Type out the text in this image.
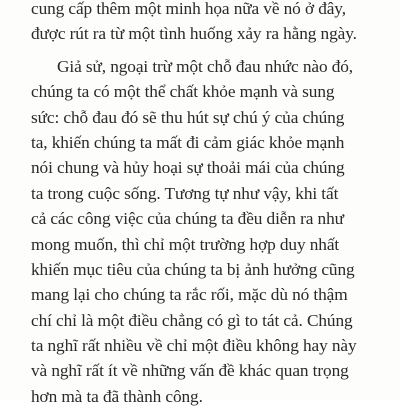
cung cấp thêm một minh họa nữa về nó ở đây,
được rút ra từ một tình huống xảy ra hằng ngày.
Giả sử, ngoại trừ một chỗ đau nhức nào đó,
chúng ta có một thể chất khỏe mạnh và sung
sức: chỗ đau đó sẽ thu hút sự chú ý của chúng
ta, khiến chúng ta mất đi cảm giác khỏe mạnh
nói chung và hủy hoại sự thoải mái của chúng
ta trong cuộc sống. Tương tự như vậy, khi tất
cả các công việc của chúng ta đều diễn ra như
mong muốn, thì chỉ một trường hợp duy nhất
khiến mục tiêu của chúng ta bị ảnh hưởng cũng
mang lại cho chúng ta rắc rối, mặc dù nó thậm
chí chỉ là một điều chẳng có gì to tát cả. Chúng
ta nghĩ rất nhiều về chỉ một điều không hay này
và nghĩ rất ít về những vấn đề khác quan trọng
hơn mà ta đã thành công.
